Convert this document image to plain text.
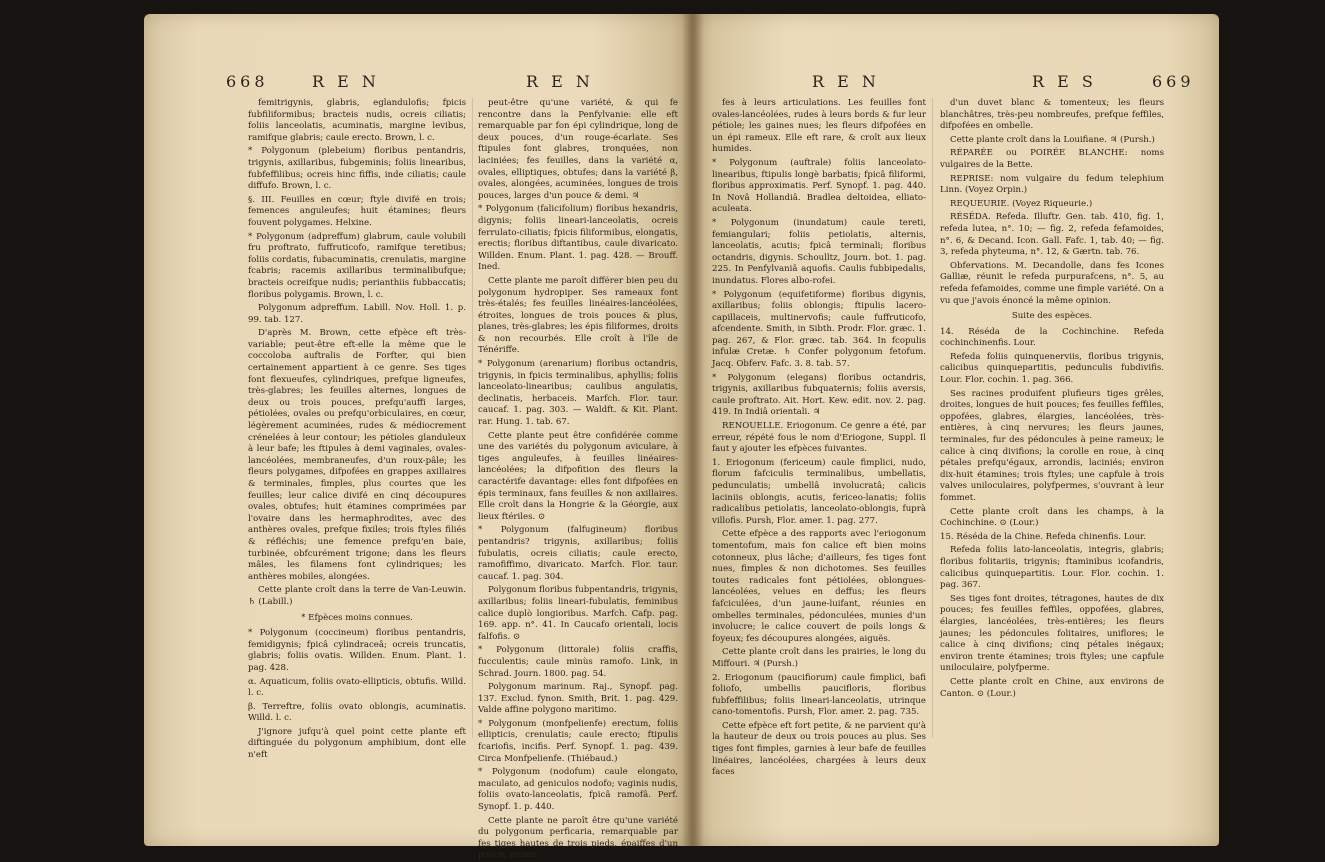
668	R E N	R E N

femitrigynis, glabris, eglandulofis; fpicis fubfiliformibus; bracteis nudis, ocreis ciliatis; foliis lanceolatis, acuminatis, margine levibus, ramifque glabris; caule erecto. Brown, l. c.

* Polygonum (plebeium) floribus pentandris, trigynis, axillaribus, fubgeminis; foliis linearibus, fubfeffilibus; ocreis hinc fiffis, inde ciliatis; caule diffufo. Brown, l. c.

§. III. Feuilles en cœur; ftyle divifé en trois; femences anguleufes; huit étamines; fleurs fouvent polygames. Helxine.

* Polygonum (adpreffum) glabrum, caule volubili fru proftrato, fuffruticofo, ramifque teretibus; foliis cordatis, fubacuminatis, crenulatis, margine fcabris; racemis axillaribus terminalibufque; bracteis ocreifque nudis; perianthiis fubbaccatis; floribus polygamis. Brown, l. c.

Polygonum adpreffum. Labill. Nov. Holl. 1. p. 99. tab. 127.

D'après M. Brown, cette efpèce eft très-variable; peut-être eft-elle la même que le coccoloba auftralis de Forfter, qui bien certainement appartient à ce genre. Ses tiges font flexueufes, cylindriques, prefque ligneufes, très-glabres; les feuilles alternes, longues de deux ou trois pouces, prefqu'auffi larges, pétiolées, ovales ou prefqu'orbiculaires, en cœur, légèrement acuminées, rudes & médiocrement crénelées à leur contour; les pétioles glanduleux à leur bafe; les ftipules à demi vaginales, ovales-lancéolées, membraneufes, d'un roux-pâle; les fleurs polygames, difpofées en grappes axillaires & terminales, fimples, plus courtes que les feuilles; leur calice divifé en cinq découpures ovales, obtufes; huit étamines comprimées par l'ovaire dans les hermaphrodites, avec des anthères ovales, prefque fixiles; trois ftyles filiés & réfléchis; une femence prefqu'en baie, turbinée, obfcurément trigone; dans les fleurs mâles, les filamens font cylindriques; les anthères mobiles, alongées.

Cette plante croît dans la terre de Van-Leuwin. ♄ (Labill.)

* Efpèces moins connues.

* Polygonum (coccineum) floribus pentandris, femidigynis; fpicâ cylindraceâ; ocreis truncatis, glabris; foliis ovatis. Willden. Enum. Plant. 1. pag. 428.

α. Aquaticum, foliis ovato-ellipticis, obtufis. Willd. l. c.

β. Terreftre, foliis ovato oblongis, acuminatis. Willd. l. c.

J'ignore jufqu'à quel point cette plante eft diftinguée du polygonum amphibium, dont elle n'eft

peut-être qu'une variété, & qui fe rencontre dans la Penfylvanie: elle eft remarquable par fon épi cylindrique, long de deux pouces, d'un rouge-écarlate. Ses ftipules font glabres, tronquées, non laciniées; fes feuilles, dans la variété α, ovales, elliptiques, obtufes; dans la variété β, ovales, alongées, acuminées, longues de trois pouces, larges d'un pouce & demi. ♃

* Polygonum (falicifolium) floribus hexandris, digynis; foliis lineari-lanceolatis, ocreis ferrulato-ciliatis; fpicis filiformibus, elongatis, erectis; floribus diftantibus, caule divaricato. Willden. Enum. Plant. 1. pag. 428. — Brouff. Ined.

Cette plante me paroît différer bien peu du polygonum hydropiper. Ses rameaux font très-étalés; fes feuilles linéaires-lancéolées, étroites, longues de trois pouces & plus, planes, très-glabres; les épis filiformes, droits & non recourbés. Elle croît à l'île de Ténériffe.

* Polygonum (arenarium) floribus octandris, trigynis, in fpicis terminalibus, aphyllis; foliis lanceolato-linearibus; caulibus angulatis, declinatis, herbaceis. Marfch. Flor. taur. caucaf. 1. pag. 303. — Waldft. & Kit. Plant. rar. Hung. 1. tab. 67.

Cette plante peut être confidérée comme une des variétés du polygonum aviculare, à tiges anguleufes, à feuilles linéaires-lancéolées; la difpofition des fleurs la caractérife davantage: elles font difpofées en épis terminaux, fans feuilles & non axillaires. Elle croît dans la Hongrie & la Géorgie, aux lieux ftériles. ⊙

* Polygonum (falfugineum) floribus pentandris? trigynis, axillaribus; foliis fubulatis, ocreis ciliatis; caule erecto, ramofiffimo, divaricato. Marfch. Flor. taur. caucaf. 1. pag. 304.

Polygonum floribus fubpentandris, trigynis, axillaribus; foliis lineari-fubulatis, feminibus calice duplò longioribus. Marfch. Cafp. pag. 169. app. n°. 41. In Caucafo orientali, locis falfofis. ⊙

* Polygonum (littorale) foliis craffis, fucculentis; caule minùs ramofo. Link, in Schrad. Journ. 1800. pag. 54.

Polygonum marinum. Raj., Synopf. pag. 137. Exclud. fynon. Smith, Brit. 1. pag. 429. Valde affine polygono maritimo.

* Polygonum (monfpelienfe) erectum, foliis ellipticis, crenulatis; caule erecto; ftipulis fcariofis, incifis. Perf. Synopf. 1. pag. 439. Circa Monfpelienfe. (Thiébaud.)

* Polygonum (nodofum) caule elongato, maculato, ad geniculos nodofo; vaginis nudis, foliis ovato-lanceolatis, fpicâ ramofâ. Perf. Synopf. 1. p. 440.

Cette plante ne paroît être qu'une variété du polygonum perficaria, remarquable par fes tiges hautes de trois pieds, épaiffes d'un pouce, noueu-

R E N	R E S	669

fes à leurs articulations. Les feuilles font ovales-lancéolées, rudes à leurs bords & fur leur pétiole; les gaines nues; les fleurs difpofées en un épi rameux. Elle eft rare, & croît aux lieux humides.

* Polygonum (auftrale) foliis lanceolato-linearibus, ftipulis longè barbatis; fpicâ filiformi, floribus approximatis. Perf. Synopf. 1. pag. 440. In Novâ Hollandiâ. Bradlea deltoidea, elliato-aculeata.

* Polygonum (inundatum) caule tereti, femiangulari; foliis petiolatis, alternis, lanceolatis, acutis; fpicâ terminali; floribus octandris, digynis. Schoulltz, Journ. bot. 1. pag. 225. In Penfylvaniâ aquofis. Caulis fubbipedalis, inundatus. Flores albo-rofei.

* Polygonum (equifetiforme) floribus digynis, axillaribus; foliis oblongis; ftipulis lacero-capillaceis, multinervofis; caule fuffruticofo, afcendente. Smith, in Sibth. Prodr. Flor. græc. 1. pag. 267, & Flor. græc. tab. 364. In fcopulis infulæ Cretæ. ♄ Confer polygonum fetofum. Jacq. Obferv. Fafc. 3. 8. tab. 57.

* Polygonum (elegans) floribus octandris, trigynis, axillaribus fubquaternis; foliis aversis, caule proftrato. Ait. Hort. Kew. edit. nov. 2. pag. 419. In Indiâ orientali. ♃

RENOUELLE. Eriogonum. Ce genre a été, par erreur, répété fous le nom d'Eriogone, Suppl. Il faut y ajouter les efpèces fuivantes.

1. Eriogonum (fericeum) caule fimplici, nudo, florum fafciculis terminalibus, umbellatis, pedunculatis; umbellâ involucratâ; calicis laciniis oblongis, acutis, fericeo-lanatis; foliis radicalibus petiolatis, lanceolato-oblongis, fuprà villofis. Pursh, Flor. amer. 1. pag. 277.

Cette efpèce a des rapports avec l'eriogonum tomentofum, mais fon calice eft bien moins cotonneux, plus lâche; d'ailleurs, fes tiges font nues, fimples & non dichotomes. Ses feuilles toutes radicales font pétiolées, oblongues-lancéolées, velues en deffus; les fleurs fafciculées, d'un jaune-luifant, réunies en ombelles terminales, pédonculées, munies d'un involucre; le calice couvert de poils longs & foyeux; fes découpures alongées, aiguës.

Cette plante croît dans les prairies, le long du Miffouri. ♃ (Pursh.)

2. Eriogonum (paucifiorum) caule fimplici, bafi foliofo, umbellis paucifloris, floribus fubfeffilibus; foliis lineari-lanceolatis, utrinque cano-tomentofis. Pursh, Flor. amer. 2. pag. 735.

Cette efpèce eft fort petite, & ne parvient qu'à la hauteur de deux ou trois pouces au plus. Ses tiges font fimples, garnies à leur bafe de feuilles linéaires, lancéolées, chargées à leurs deux faces

d'un duvet blanc & tomenteux; les fleurs blanchâtres, très-peu nombreufes, prefque feffiles, difpofées en ombelle.

Cette plante croît dans la Louifiane. ♃ (Pursh.)

RÉPARÉE ou POIRÉE BLANCHE: noms vulgaires de la Bette.

REPRISE: nom vulgaire du fedum telephium Linn. (Voyez Orpin.)

REQUEURIE. (Voyez Riqueurie.)

RÉSÉDA. Refeda. Illuftr. Gen. tab. 410, fig. 1, refeda lutea, n°. 10; — fig. 2, refeda fefamoides, n°. 6, & Decand. Icon. Gall. Fafc. 1, tab. 40; — fig. 3, refeda phyteuma, n°. 12, & Gærtn. tab. 76.

Obfervations. M. Decandolle, dans fes Icones Galliæ, réunit le refeda purpurafcens, n°. 5, au refeda fefamoides, comme une fimple variété. On a vu que j'avois énoncé la même opinion.

Suite des espèces.

14. Réséda de la Cochinchine. Refeda cochinchinenfis. Lour.

Refeda foliis quinquenerviis, floribus trigynis, calicibus quinquepartitis, pedunculis fubdivifis. Lour. Flor. cochin. 1. pag. 366.

Ses racines produifent plufieurs tiges grêles, droites, longues de huit pouces; fes feuilles feffiles, oppofées, glabres, élargies, lancéolées, très-entières, à cinq nervures; les fleurs jaunes, terminales, fur des pédoncules à peine rameux; le calice à cinq divifions; la corolle en roue, à cinq pétales prefqu'égaux, arrondis, laciniés; environ dix-huit étamines; trois ftyles; une capfule à trois valves uniloculaires, polyfpermes, s'ouvrant à leur fommet.

Cette plante croît dans les champs, à la Cochinchine. ⊙ (Lour.)

15. Réséda de la Chine. Refeda chinenfis. Lour.

Refeda foliis lato-lanceolatis, integris, glabris; floribus folitariis, trigynis; ftaminibus icofandris, calicibus quinquepartitis. Lour. Flor. cochin. 1. pag. 367.

Ses tiges font droites, tétragones, hautes de dix pouces; fes feuilles feffiles, oppofées, glabres, élargies, lancéolées, très-entières; les fleurs jaunes; les pédoncules folitaires, uniflores; le calice à cinq divifions; cinq pétales inégaux; environ trente étamines; trois ftyles; une capfule uniloculaire, polyfperme.

Cette plante croît en Chine, aux environs de Canton. ⊙ (Lour.)
